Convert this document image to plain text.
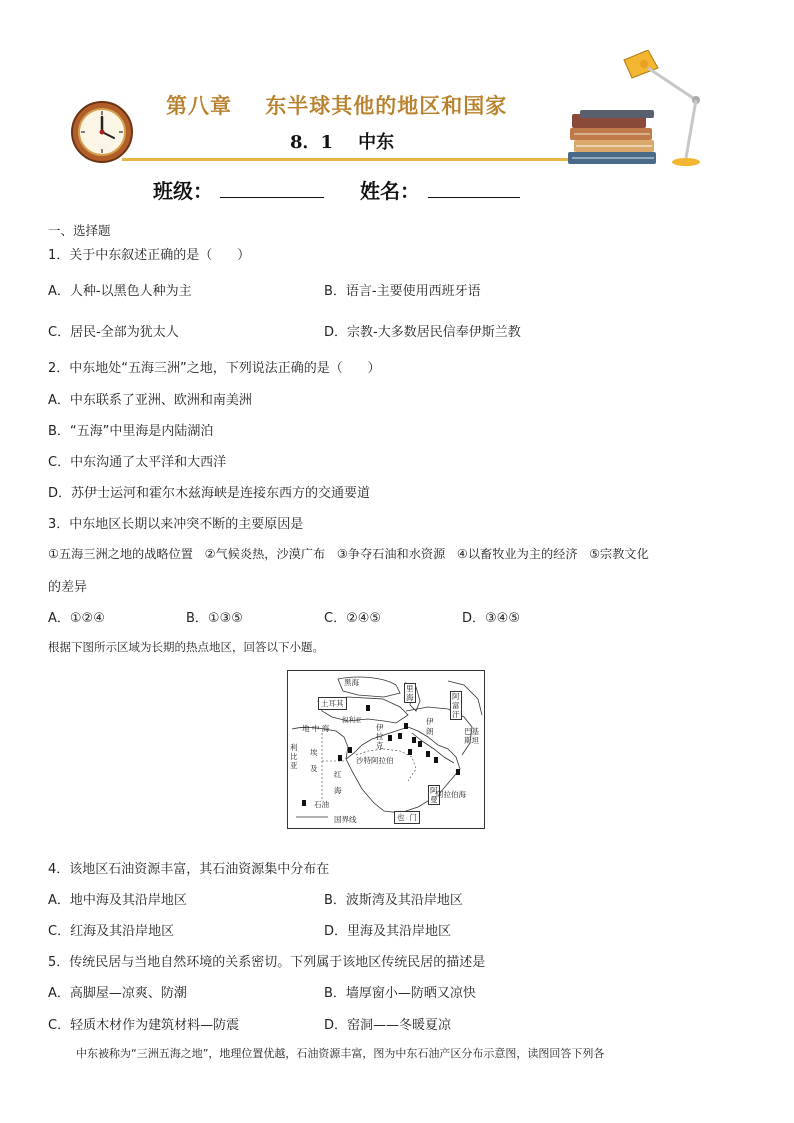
第八章    东半球其他的地区和国家
8．1    中东
班级：	姓名：
一、选择题
1．关于中东叙述正确的是（      ）
A．人种-以黑色人种为主	B．语言-主要使用西班牙语
C．居民-全部为犹太人	D．宗教-大多数居民信奉伊斯兰教
2．中东地处“五海三洲”之地，下列说法正确的是（      ）
A．中东联系了亚洲、欧洲和南美洲
B．“五海”中里海是内陆湖泊
C．中东沟通了太平洋和大西洋
D．苏伊士运河和霍尔木兹海峡是连接东西方的交通要道
3．中东地区长期以来冲突不断的主要原因是
①五海三洲之地的战略位置   ②气候炎热，沙漠广布   ③争夺石油和水资源   ④以畜牧业为主的经济   ⑤宗教文化
的差异
A．①②④	B．①③⑤	C．②④⑤	D．③④⑤
根据下图所示区域为长期的热点地区，回答以下小题。
黑海
土耳其
里
海	阿
富
汗
地 中 海
叙利亚
伊
拉
克
伊
朗	巴基
斯坦
利
比
亚
埃

及
红

海
沙特阿拉伯
阿
曼
也  门
阿拉伯海
石油
国界线
4．该地区石油资源丰富，其石油资源集中分布在
A．地中海及其沿岸地区	B．波斯湾及其沿岸地区
C．红海及其沿岸地区	D．里海及其沿岸地区
5．传统民居与当地自然环境的关系密切。下列属于该地区传统民居的描述是
A．高脚屋—凉爽、防潮	B．墙厚窗小—防晒又凉快
C．轻质木材作为建筑材料—防震	D．窑洞——冬暖夏凉
中东被称为“三洲五海之地”，地理位置优越，石油资源丰富，图为中东石油产区分布示意图，读图回答下列各
